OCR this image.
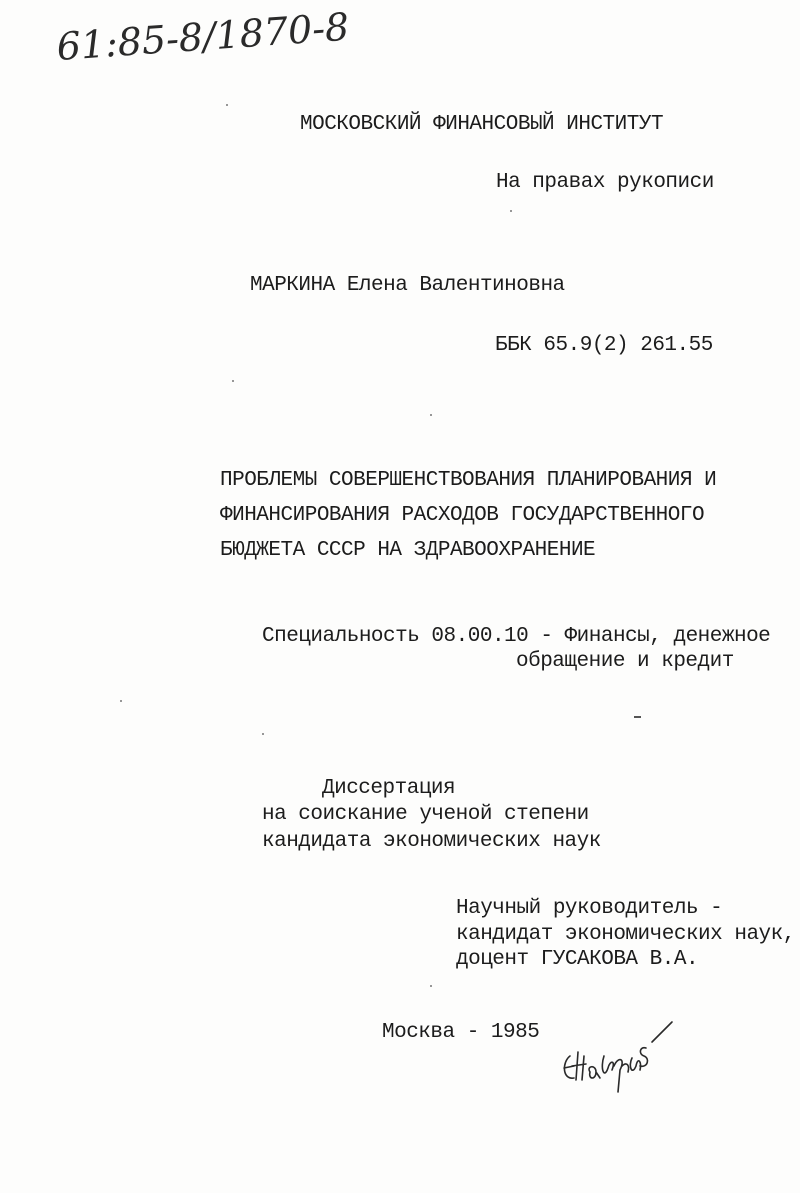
61:85-8/1870-8
МОСКОВСКИЙ ФИНАНСОВЫЙ ИНСТИТУТ
На правах рукописи
МАРКИНА Елена Валентиновна
ББК 65.9(2) 261.55
ПРОБЛЕМЫ СОВЕРШЕНСТВОВАНИЯ ПЛАНИРОВАНИЯ И
ФИНАНСИРОВАНИЯ РАСХОДОВ ГОСУДАРСТВЕННОГО
БЮДЖЕТА СССР НА ЗДРАВООХРАНЕНИЕ
Специальность 08.00.10 - Финансы, денежное
обращение и кредит
Диссертация
на соискание ученой степени
кандидата экономических наук
Научный руководитель -
кандидат экономических наук,
доцент ГУСАКОВА В.А.
Москва - 1985
